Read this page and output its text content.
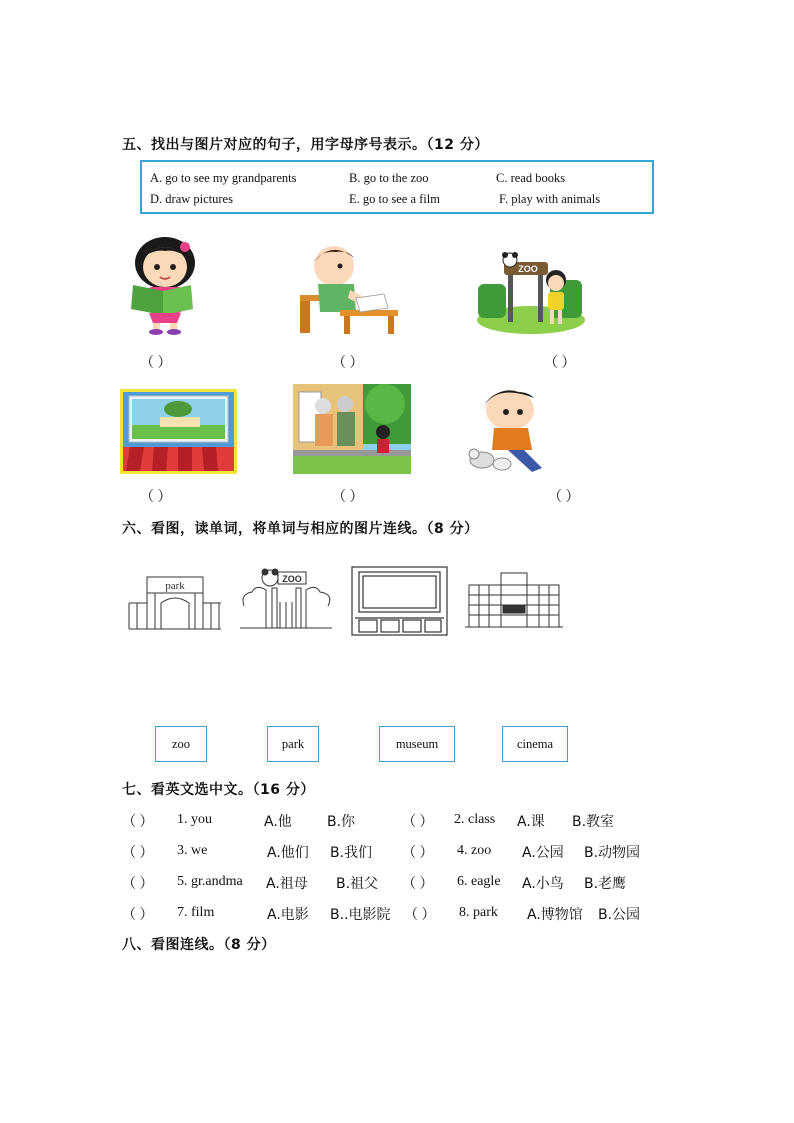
五、找出与图片对应的句子，用字母序号表示。（12 分）
A. go to see my grandparents	B. go to the zoo	C. read books
D. draw pictures	E. go to see a film	F. play with animals
ZOO
（ ）	（ ）	（ ）
（ ）	（ ）	（ ）
六、看图，读单词，将单词与相应的图片连线。（8 分）
park
ZOO
zoo	park	museum	cinema
七、看英文选中文。（16 分）
（ ） 1. you	A.他	B.你	（ ） 2. class A.课 B.教室
（ ） 3. we	A.他们 B.我们 （ ） 4. zoo A.公园 B.动物园
（ ） 5. gr.andma A.祖母 B.祖父 （ ） 6. eagle A.小鸟 B.老鹰
（ ） 7. film	A.电影 B..电影院 （ ） 8. park A.博物馆 B.公园
八、看图连线。（8 分）
